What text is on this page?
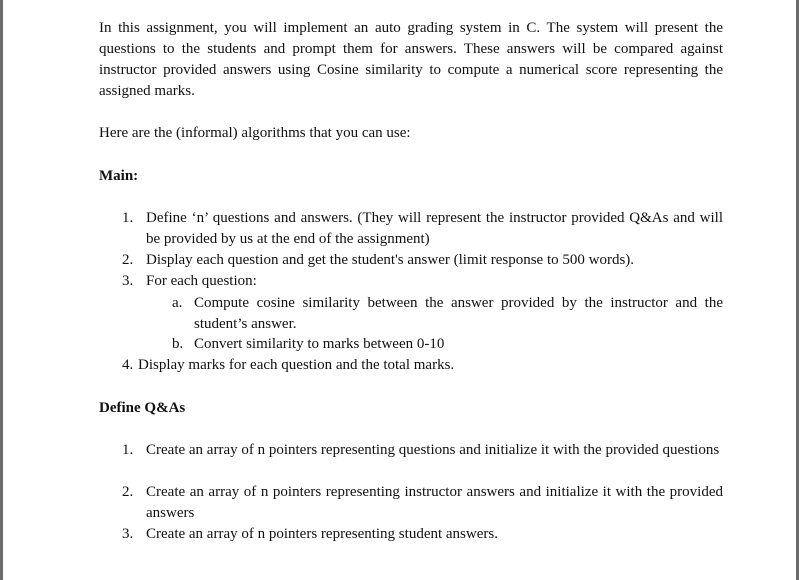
In this assignment, you will implement an auto grading system in C. The system will present the questions to the students and prompt them for answers. These answers will be compared against instructor provided answers using Cosine similarity to compute a numerical score representing the assigned marks.

Here are the (informal) algorithms that you can use:

Main:

1. Define ‘n’ questions and answers. (They will represent the instructor provided Q&As and will be provided by us at the end of the assignment)
2. Display each question and get the student's answer (limit response to 500 words).
3. For each question:
a. Compute cosine similarity between the answer provided by the instructor and the student’s answer.
b. Convert similarity to marks between 0-10
4. Display marks for each question and the total marks.

Define Q&As

1. Create an array of n pointers representing questions and initialize it with the provided questions
2. Create an array of n pointers representing instructor answers and initialize it with the provided answers
3. Create an array of n pointers representing student answers.
